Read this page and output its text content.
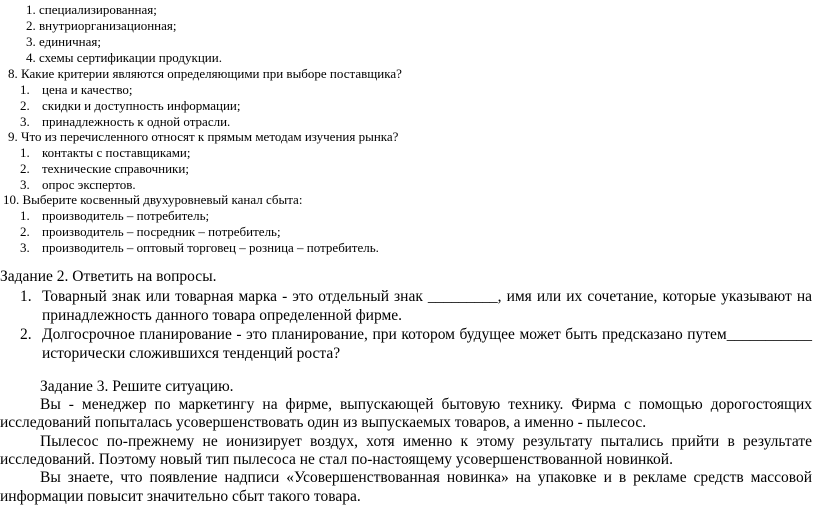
1. специализированная;
2. внутриорганизационная;
3. единичная;
4. схемы сертификации продукции.
8. Какие критерии являются определяющими при выборе поставщика?
1. цена и качество;
2. скидки и доступность информации;
3. принадлежность к одной отрасли.
9. Что из перечисленного относят к прямым методам изучения рынка?
1. контакты с поставщиками;
2. технические справочники;
3. опрос экспертов.
10. Выберите косвенный двухуровневый канал сбыта:
1. производитель – потребитель;
2. производитель – посредник – потребитель;
3. производитель – оптовый торговец – розница – потребитель.
Задание 2. Ответить на вопросы.
1. Товарный знак или товарная марка - это отдельный знак _________, имя или их сочетание, которые указывают на
принадлежность данного товара определенной фирме.
2. Долгосрочное планирование - это планирование, при котором будущее может быть предсказано путем___________
исторически сложившихся тенденций роста?
Задание 3. Решите ситуацию.
Вы - менеджер по маркетингу на фирме, выпускающей бытовую технику. Фирма с помощью дорогостоящих
исследований попыталась усовершенствовать один из выпускаемых товаров, а именно - пылесос.
Пылесос по-прежнему не ионизирует воздух, хотя именно к этому результату пытались прийти в результате
исследований. Поэтому новый тип пылесоса не стал по-настоящему усовершенствованной новинкой.
Вы знаете, что появление надписи «Усовершенствованная новинка» на упаковке и в рекламе средств массовой
информации повысит значительно сбыт такого товара.
